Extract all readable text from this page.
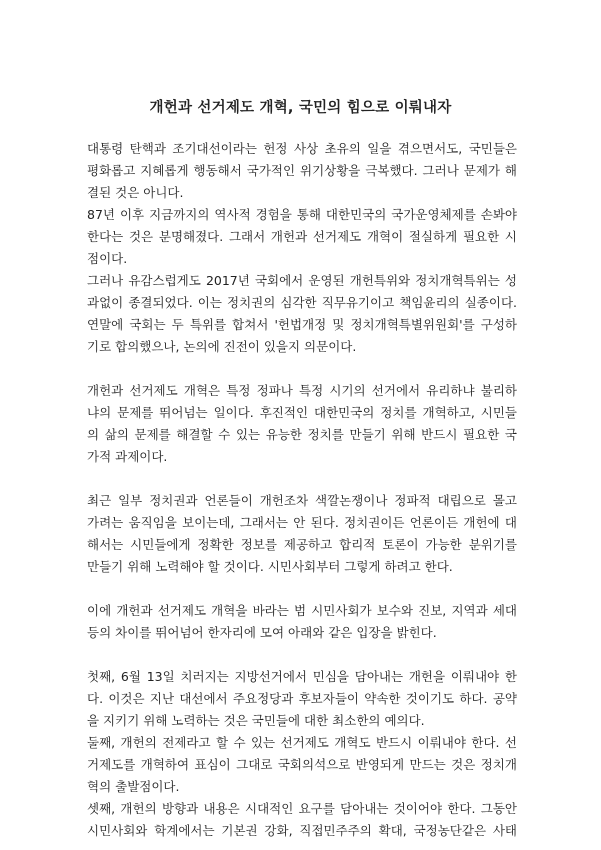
개헌과 선거제도 개혁, 국민의 힘으로 이뤄내자
대통령 탄핵과 조기대선이라는 헌정 사상 초유의 일을 겪으면서도, 국민들은
평화롭고 지혜롭게 행동해서 국가적인 위기상황을 극복했다. 그러나 문제가 해
결된 것은 아니다.
87년 이후 지금까지의 역사적 경험을 통해 대한민국의 국가운영체제를 손봐야
한다는 것은 분명해졌다. 그래서 개헌과 선거제도 개혁이 절실하게 필요한 시
점이다.
그러나 유감스럽게도 2017년 국회에서 운영된 개헌특위와 정치개혁특위는 성
과없이 종결되었다. 이는 정치권의 심각한 직무유기이고 책임윤리의 실종이다.
연말에 국회는 두 특위를 합쳐서 '헌법개정 및 정치개혁특별위원회'를 구성하
기로 합의했으나, 논의에 진전이 있을지 의문이다.
개헌과 선거제도 개혁은 특정 정파나 특정 시기의 선거에서 유리하냐 불리하
냐의 문제를 뛰어넘는 일이다. 후진적인 대한민국의 정치를 개혁하고, 시민들
의 삶의 문제를 해결할 수 있는 유능한 정치를 만들기 위해 반드시 필요한 국
가적 과제이다.
최근 일부 정치권과 언론들이 개헌조차 색깔논쟁이나 정파적 대립으로 몰고
가려는 움직임을 보이는데, 그래서는 안 된다. 정치권이든 언론이든 개헌에 대
해서는 시민들에게 정확한 정보를 제공하고 합리적 토론이 가능한 분위기를
만들기 위해 노력해야 할 것이다. 시민사회부터 그렇게 하려고 한다.
이에 개헌과 선거제도 개혁을 바라는 범 시민사회가 보수와 진보, 지역과 세대
등의 차이를 뛰어넘어 한자리에 모여 아래와 같은 입장을 밝힌다.
첫째, 6월 13일 치러지는 지방선거에서 민심을 담아내는 개헌을 이뤄내야 한
다. 이것은 지난 대선에서 주요정당과 후보자들이 약속한 것이기도 하다. 공약
을 지키기 위해 노력하는 것은 국민들에 대한 최소한의 예의다.
둘째, 개헌의 전제라고 할 수 있는 선거제도 개혁도 반드시 이뤄내야 한다. 선
거제도를 개혁하여 표심이 그대로 국회의석으로 반영되게 만드는 것은 정치개
혁의 출발점이다.
셋째, 개헌의 방향과 내용은 시대적인 요구를 담아내는 것이어야 한다. 그동안
시민사회와 학계에서는 기본권 강화, 직접민주주의 확대, 국정농단같은 사태
